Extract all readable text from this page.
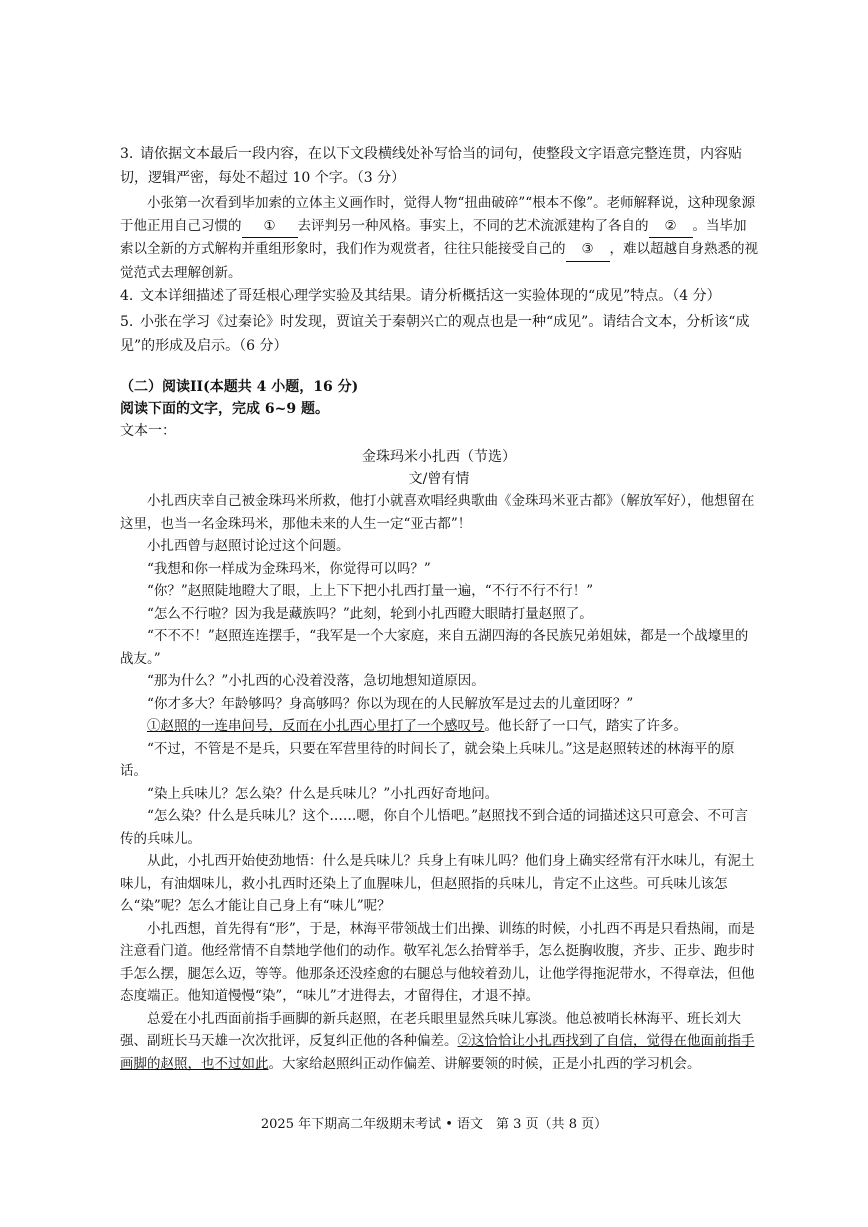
3. 请依据文本最后一段内容，在以下文段横线处补写恰当的词句，使整段文字语意完整连贯，内容贴切，逻辑严密，每处不超过 10 个字。（3 分）

小张第一次看到毕加索的立体主义画作时，觉得人物“扭曲破碎”“根本不像”。老师解释说，这种现象源于他正用自己习惯的 ① 去评判另一种风格。事实上，不同的艺术流派建构了各自的 ② 。当毕加索以全新的方式解构并重组形象时，我们作为观赏者，往往只能接受自己的 ③ ，难以超越自身熟悉的视觉范式去理解创新。

4. 文本详细描述了哥廷根心理学实验及其结果。请分析概括这一实验体现的“成见”特点。（4 分）
5. 小张在学习《过秦论》时发现，贾谊关于秦朝兴亡的观点也是一种“成见”。请结合文本，分析该“成见”的形成及启示。（6 分）

（二）阅读II(本题共 4 小题，16 分)

阅读下面的文字，完成 6~9 题。

文本一：

金珠玛米小扎西（节选）

文/曾有情

小扎西庆幸自己被金珠玛米所救，他打小就喜欢唱经典歌曲《金珠玛米亚古都》（解放军好），他想留在这里，也当一名金珠玛米，那他未来的人生一定“亚古都”！

小扎西曾与赵照讨论过这个问题。

“我想和你一样成为金珠玛米，你觉得可以吗？”

“你？”赵照陡地瞪大了眼，上上下下把小扎西打量一遍，“不行不行不行！”

“怎么不行啦？因为我是藏族吗？”此刻，轮到小扎西瞪大眼睛打量赵照了。

“不不不！”赵照连连摆手，“我军是一个大家庭，来自五湖四海的各民族兄弟姐妹，都是一个战壕里的战友。”

“那为什么？”小扎西的心没着没落，急切地想知道原因。

“你才多大？年龄够吗？身高够吗？你以为现在的人民解放军是过去的儿童团呀？”

①赵照的一连串问号，反而在小扎西心里打了一个感叹号。他长舒了一口气，踏实了许多。

“不过，不管是不是兵，只要在军营里待的时间长了，就会染上兵味儿。”这是赵照转述的林海平的原话。

“染上兵味儿？怎么染？什么是兵味儿？”小扎西好奇地问。

“怎么染？什么是兵味儿？这个……嗯，你自个儿悟吧。”赵照找不到合适的词描述这只可意会、不可言传的兵味儿。

从此，小扎西开始使劲地悟：什么是兵味儿？兵身上有味儿吗？他们身上确实经常有汗水味儿，有泥土味儿，有油烟味儿，救小扎西时还染上了血腥味儿，但赵照指的兵味儿，肯定不止这些。可兵味儿该怎么“染”呢？怎么才能让自己身上有“味儿”呢？

小扎西想，首先得有“形”，于是，林海平带领战士们出操、训练的时候，小扎西不再是只看热闹，而是注意看门道。他经常情不自禁地学他们的动作。敬军礼怎么抬臂举手，怎么挺胸收腹，齐步、正步、跑步时手怎么摆，腿怎么迈，等等。他那条还没痊愈的右腿总与他较着劲儿，让他学得拖泥带水，不得章法，但他态度端正。他知道慢慢“染”，“味儿”才进得去，才留得住，才退不掉。

总爱在小扎西面前指手画脚的新兵赵照，在老兵眼里显然兵味儿寡淡。他总被哨长林海平、班长刘大强、副班长马天雄一次次批评，反复纠正他的各种偏差。②这恰恰让小扎西找到了自信，觉得在他面前指手画脚的赵照，也不过如此。大家给赵照纠正动作偏差、讲解要领的时候，正是小扎西的学习机会。

2025 年下期高二年级期末考试 • 语文　第 3 页（共 8 页）
